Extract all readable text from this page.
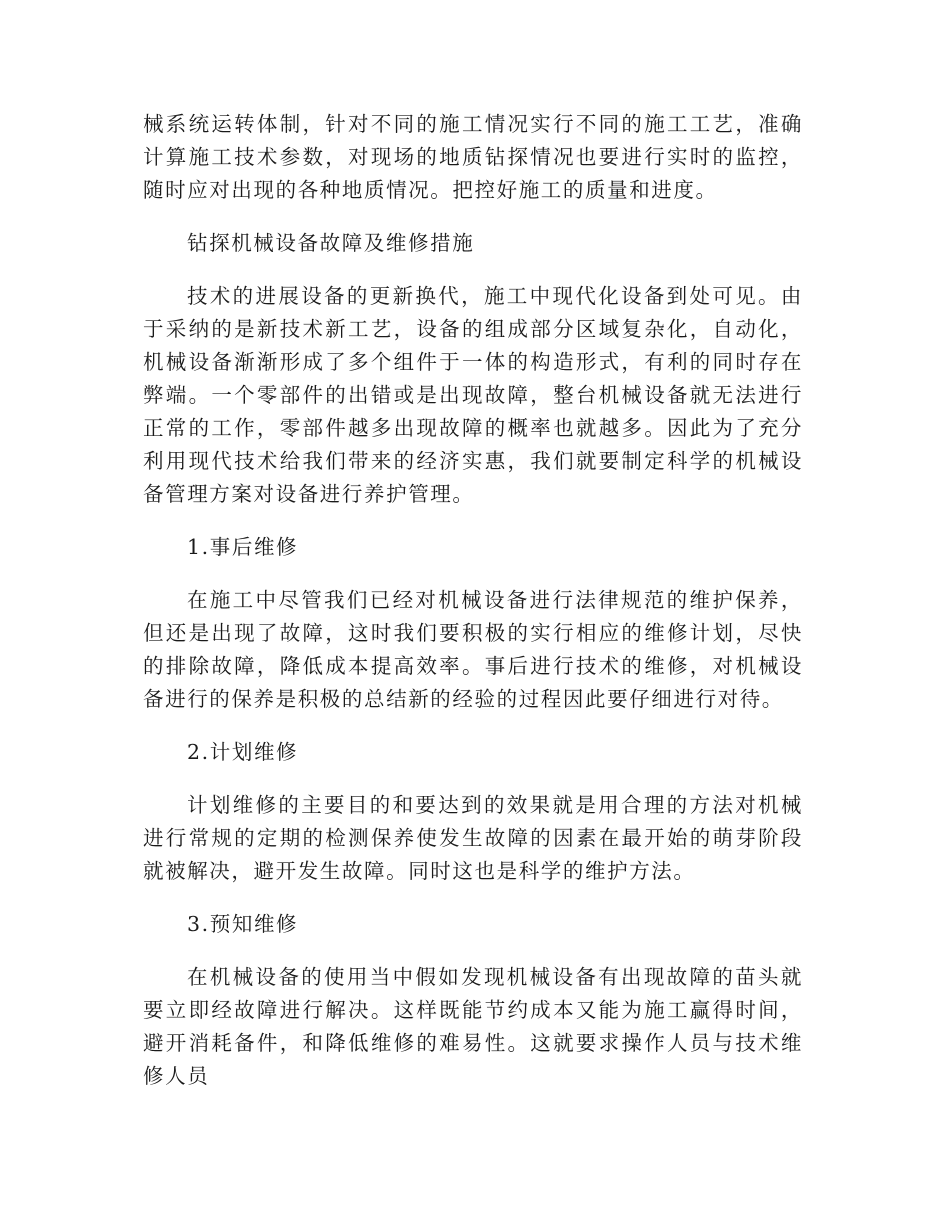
械系统运转体制，针对不同的施工情况实行不同的施工工艺，准确计算施工技术参数，对现场的地质钻探情况也要进行实时的监控，随时应对出现的各种地质情况。把控好施工的质量和进度。

钻探机械设备故障及维修措施

技术的进展设备的更新换代，施工中现代化设备到处可见。由于采纳的是新技术新工艺，设备的组成部分区域复杂化，自动化，机械设备渐渐形成了多个组件于一体的构造形式，有利的同时存在弊端。一个零部件的出错或是出现故障，整台机械设备就无法进行正常的工作，零部件越多出现故障的概率也就越多。因此为了充分利用现代技术给我们带来的经济实惠，我们就要制定科学的机械设备管理方案对设备进行养护管理。

1.事后维修

在施工中尽管我们已经对机械设备进行法律规范的维护保养，但还是出现了故障，这时我们要积极的实行相应的维修计划，尽快的排除故障，降低成本提高效率。事后进行技术的维修，对机械设备进行的保养是积极的总结新的经验的过程因此要仔细进行对待。

2.计划维修

计划维修的主要目的和要达到的效果就是用合理的方法对机械进行常规的定期的检测保养使发生故障的因素在最开始的萌芽阶段就被解决，避开发生故障。同时这也是科学的维护方法。

3.预知维修

在机械设备的使用当中假如发现机械设备有出现故障的苗头就要立即经故障进行解决。这样既能节约成本又能为施工赢得时间，避开消耗备件，和降低维修的难易性。这就要求操作人员与技术维修人员
